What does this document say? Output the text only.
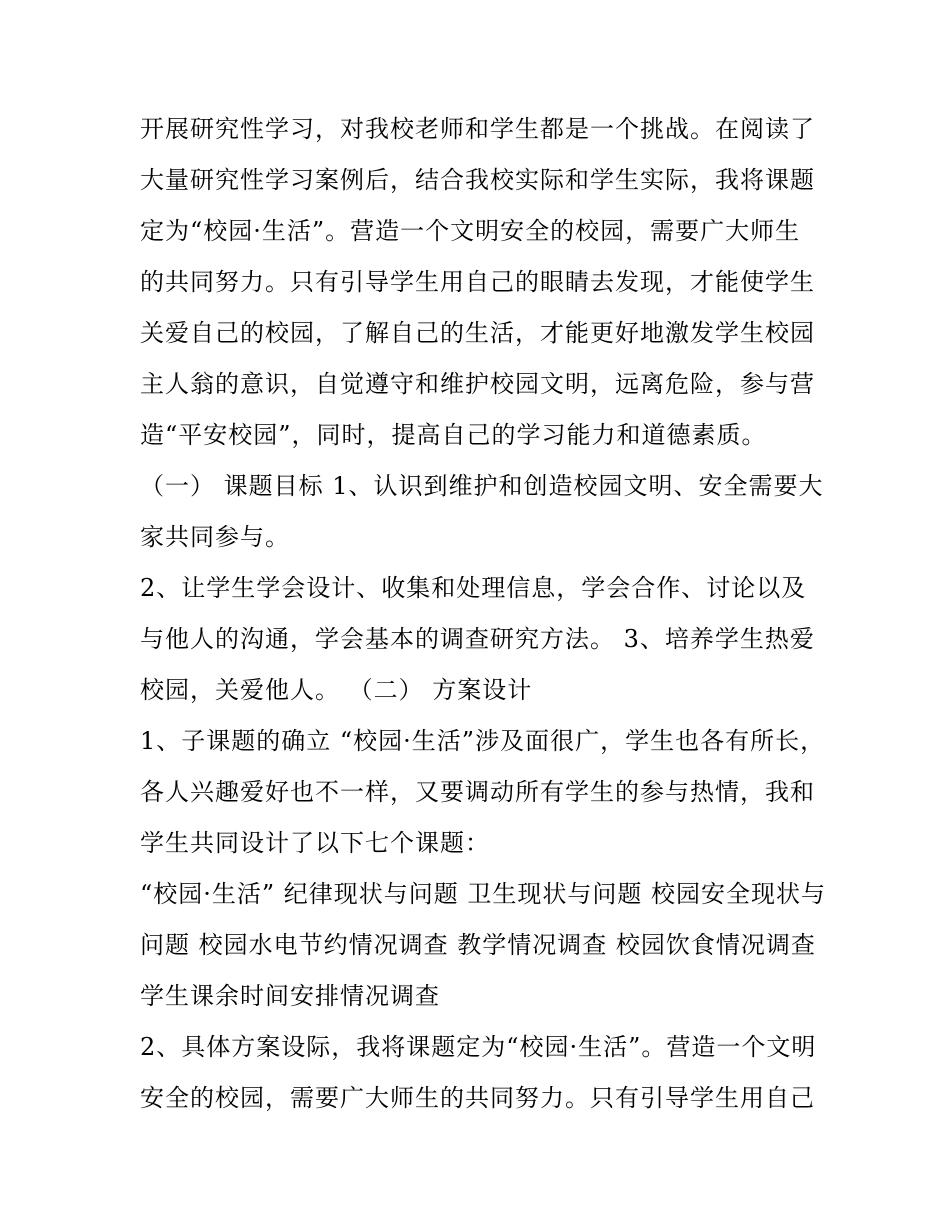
开展研究性学习，对我校老师和学生都是一个挑战。在阅读了
大量研究性学习案例后，结合我校实际和学生实际，我将课题
定为“校园·生活”。营造一个文明安全的校园，需要广大师生
的共同努力。只有引导学生用自己的眼睛去发现，才能使学生
关爱自己的校园，了解自己的生活，才能更好地激发学生校园
主人翁的意识，自觉遵守和维护校园文明，远离危险，参与营
造“平安校园”，同时，提高自己的学习能力和道德素质。
（一） 课题目标 1、认识到维护和创造校园文明、安全需要大
家共同参与。
2、让学生学会设计、收集和处理信息，学会合作、讨论以及
与他人的沟通，学会基本的调查研究方法。 3、培养学生热爱
校园，关爱他人。 （二） 方案设计
1、子课题的确立 “校园·生活”涉及面很广，学生也各有所长，
各人兴趣爱好也不一样，又要调动所有学生的参与热情，我和
学生共同设计了以下七个课题：
“校园·生活” 纪律现状与问题 卫生现状与问题 校园安全现状与
问题 校园水电节约情况调查 教学情况调查 校园饮食情况调查
学生课余时间安排情况调查
2、具体方案设际，我将课题定为“校园·生活”。营造一个文明
安全的校园，需要广大师生的共同努力。只有引导学生用自己
